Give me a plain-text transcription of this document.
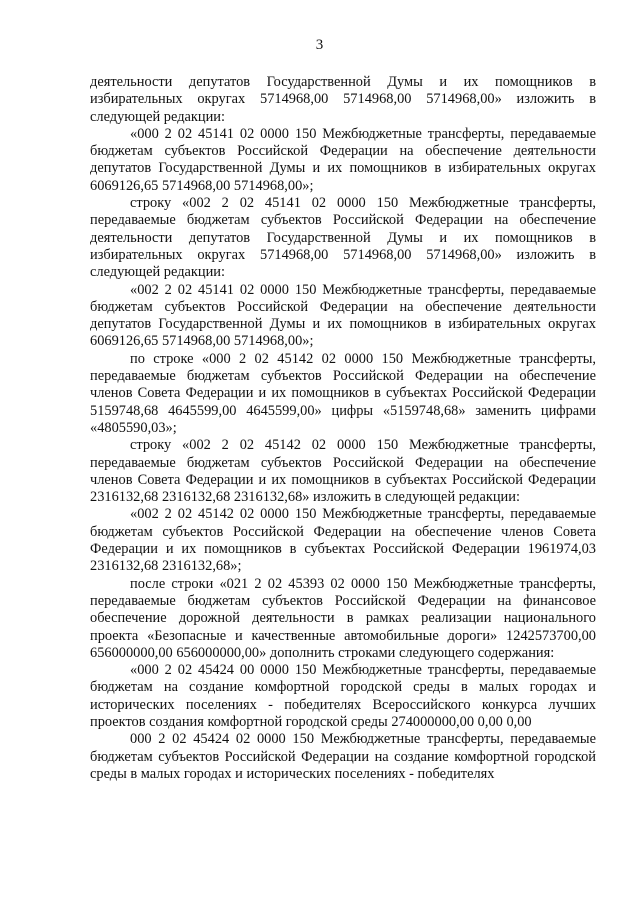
3

деятельности депутатов Государственной Думы и их помощников в избирательных округах 5714968,00 5714968,00 5714968,00» изложить в следующей редакции:

«000 2 02 45141 02 0000 150 Межбюджетные трансферты, передаваемые бюджетам субъектов Российской Федерации на обеспечение деятельности депутатов Государственной Думы и их помощников в избирательных округах 6069126,65 5714968,00 5714968,00»;

строку «002 2 02 45141 02 0000 150 Межбюджетные трансферты, передаваемые бюджетам субъектов Российской Федерации на обеспечение деятельности депутатов Государственной Думы и их помощников в избирательных округах 5714968,00 5714968,00 5714968,00» изложить в следующей редакции:

«002 2 02 45141 02 0000 150 Межбюджетные трансферты, передаваемые бюджетам субъектов Российской Федерации на обеспечение деятельности депутатов Государственной Думы и их помощников в избирательных округах 6069126,65 5714968,00 5714968,00»;

по строке «000 2 02 45142 02 0000 150 Межбюджетные трансферты, передаваемые бюджетам субъектов Российской Федерации на обеспечение членов Совета Федерации и их помощников в субъектах Российской Федерации 5159748,68 4645599,00 4645599,00» цифры «5159748,68» заменить цифрами «4805590,03»;

строку «002 2 02 45142 02 0000 150 Межбюджетные трансферты, передаваемые бюджетам субъектов Российской Федерации на обеспечение членов Совета Федерации и их помощников в субъектах Российской Федерации 2316132,68 2316132,68 2316132,68» изложить в следующей редакции:

«002 2 02 45142 02 0000 150 Межбюджетные трансферты, передаваемые бюджетам субъектов Российской Федерации на обеспечение членов Совета Федерации и их помощников в субъектах Российской Федерации 1961974,03 2316132,68 2316132,68»;

после строки «021 2 02 45393 02 0000 150 Межбюджетные трансферты, передаваемые бюджетам субъектов Российской Федерации на финансовое обеспечение дорожной деятельности в рамках реализации национального проекта «Безопасные и качественные автомобильные дороги» 1242573700,00 656000000,00 656000000,00» дополнить строками следующего содержания:

«000 2 02 45424 00 0000 150 Межбюджетные трансферты, передаваемые бюджетам на создание комфортной городской среды в малых городах и исторических поселениях - победителях Всероссийского конкурса лучших проектов создания комфортной городской среды 274000000,00 0,00 0,00

000 2 02 45424 02 0000 150 Межбюджетные трансферты, передаваемые бюджетам субъектов Российской Федерации на создание комфортной городской среды в малых городах и исторических поселениях - победителях
